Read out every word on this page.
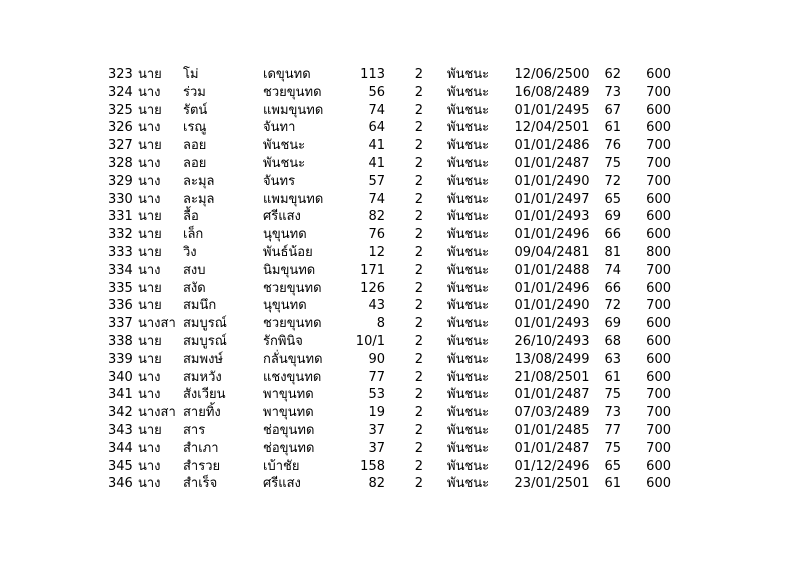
323	นาย	โม่	เดขุนทด	113	2		พันชนะ	12/06/2500	62	600
324	นาง	ร่วม	ชวยขุนทด	56	2		พันชนะ	16/08/2489	73	700
325	นาย	รัตน์	แพมขุนทด	74	2		พันชนะ	01/01/2495	67	600
326	นาง	เรณู	จันทา	64	2		พันชนะ	12/04/2501	61	600
327	นาย	ลอย	พันชนะ	41	2		พันชนะ	01/01/2486	76	700
328	นาง	ลอย	พันชนะ	41	2		พันชนะ	01/01/2487	75	700
329	นาง	ละมุล	จันทร	57	2		พันชนะ	01/01/2490	72	700
330	นาง	ละมุล	แพมขุนทด	74	2		พันชนะ	01/01/2497	65	600
331	นาย	ลื้อ	ศรีแสง	82	2		พันชนะ	01/01/2493	69	600
332	นาย	เล็ก	นุขุนทด	76	2		พันชนะ	01/01/2496	66	600
333	นาย	วิง	พันธ์น้อย	12	2		พันชนะ	09/04/2481	81	800
334	นาง	สงบ	นิมขุนทด	171	2		พันชนะ	01/01/2488	74	700
335	นาย	สงัด	ชวยขุนทด	126	2		พันชนะ	01/01/2496	66	600
336	นาย	สมนึก	นุขุนทด	43	2		พันชนะ	01/01/2490	72	700
337	นางสา	สมบูรณ์	ชวยขุนทด	8	2		พันชนะ	01/01/2493	69	600
338	นาย	สมบูรณ์	รักพินิจ	10/1	2		พันชนะ	26/10/2493	68	600
339	นาย	สมพงษ์	กลั่นขุนทด	90	2		พันชนะ	13/08/2499	63	600
340	นาง	สมหวัง	แชงขุนทด	77	2		พันชนะ	21/08/2501	61	600
341	นาง	สังเวียน	พาขุนทด	53	2		พันชนะ	01/01/2487	75	700
342	นางสา	สายทิ้ง	พาขุนทด	19	2		พันชนะ	07/03/2489	73	700
343	นาย	สาร	ช่อขุนทด	37	2		พันชนะ	01/01/2485	77	700
344	นาง	สำเภา	ช่อขุนทด	37	2		พันชนะ	01/01/2487	75	700
345	นาง	สำรวย	เบ้าชัย	158	2		พันชนะ	01/12/2496	65	600
346	นาง	สำเร็จ	ศรีแสง	82	2		พันชนะ	23/01/2501	61	600
